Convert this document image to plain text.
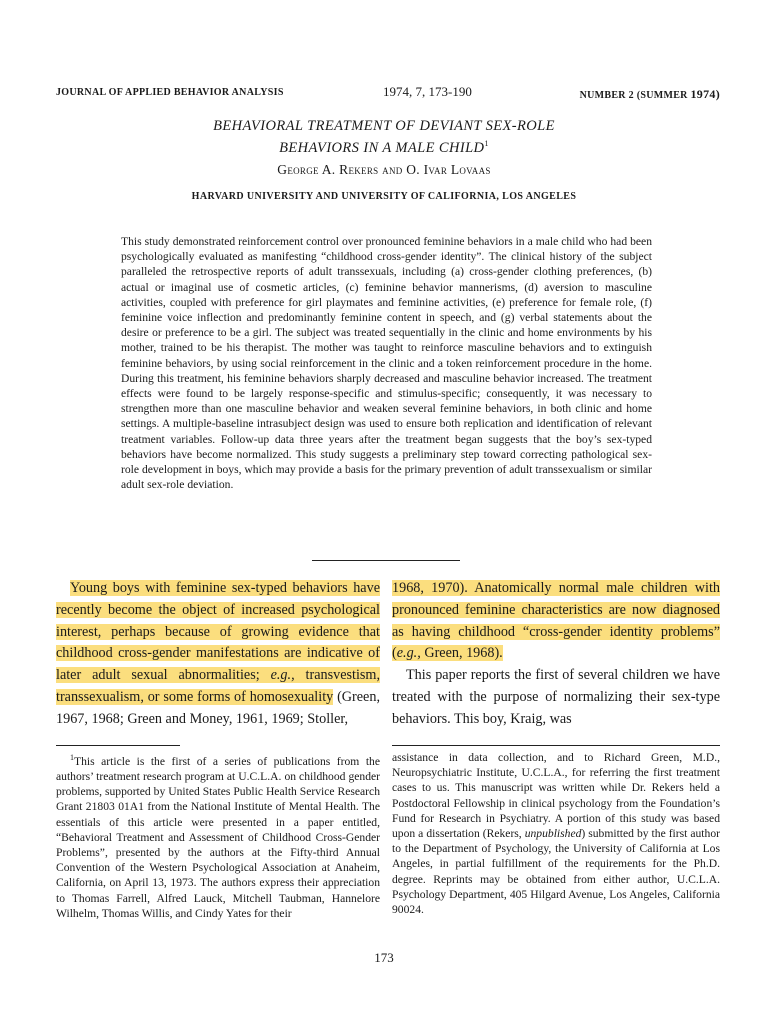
JOURNAL OF APPLIED BEHAVIOR ANALYSIS	1974, 7, 173-190	NUMBER 2 (SUMMER 1974)
BEHAVIORAL TREATMENT OF DEVIANT SEX-ROLE
BEHAVIORS IN A MALE CHILD$^1$
George A. Rekers and O. Ivar Lovaas
HARVARD UNIVERSITY AND UNIVERSITY OF CALIFORNIA, LOS ANGELES

This study demonstrated reinforcement control over pronounced feminine behaviors in a male child who had been psychologically evaluated as manifesting “childhood cross-gender identity”. The clinical history of the subject paralleled the retrospective reports of adult transsexuals, including (a) cross-gender clothing preferences, (b) actual or imaginal use of cosmetic articles, (c) feminine behavior mannerisms, (d) aversion to masculine activities, coupled with preference for girl playmates and feminine activities, (e) preference for female role, (f) feminine voice inflection and predominantly feminine content in speech, and (g) verbal statements about the desire or preference to be a girl. The subject was treated sequentially in the clinic and home environments by his mother, trained to be his therapist. The mother was taught to reinforce masculine behaviors and to extinguish feminine behaviors, by using social reinforcement in the clinic and a token reinforcement procedure in the home. During this treatment, his feminine behaviors sharply decreased and masculine behavior increased. The treatment effects were found to be largely response-specific and stimulus-specific; consequently, it was necessary to strengthen more than one masculine behavior and weaken several feminine behaviors, in both clinic and home settings. A multiple-baseline intrasubject design was used to ensure both replication and identification of relevant treatment variables. Follow-up data three years after the treatment began suggests that the boy’s sex-typed behaviors have become normalized. This study suggests a preliminary step toward correcting pathological sex-role development in boys, which may provide a basis for the primary prevention of adult transsexualism or similar adult sex-role deviation.

Young boys with feminine sex-typed behaviors have recently become the object of increased psychological interest, perhaps because of growing evidence that childhood cross-gender manifestations are indicative of later adult sexual abnormalities; e.g., transvestism, transsexualism, or some forms of homosexuality (Green, 1967, 1968; Green and Money, 1961, 1969; Stoller,

1968, 1970). Anatomically normal male children with pronounced feminine characteristics are now diagnosed as having childhood “cross-gender identity problems” (e.g., Green, 1968).

This paper reports the first of several children we have treated with the purpose of normalizing their sex-type behaviors. This boy, Kraig, was

$^1$This article is the first of a series of publications from the authors’ treatment research program at U.C.L.A. on childhood gender problems, supported by United States Public Health Service Research Grant 21803 01A1 from the National Institute of Mental Health. The essentials of this article were presented in a paper entitled, “Behavioral Treatment and Assessment of Childhood Cross-Gender Problems”, presented by the authors at the Fifty-third Annual Convention of the Western Psychological Association at Anaheim, California, on April 13, 1973. The authors express their appreciation to Thomas Farrell, Alfred Lauck, Mitchell Taubman, Hannelore Wilhelm, Thomas Willis, and Cindy Yates for their

assistance in data collection, and to Richard Green, M.D., Neuropsychiatric Institute, U.C.L.A., for referring the first treatment cases to us. This manuscript was written while Dr. Rekers held a Postdoctoral Fellowship in clinical psychology from the Foundation’s Fund for Research in Psychiatry. A portion of this study was based upon a dissertation (Rekers, unpublished) submitted by the first author to the Department of Psychology, the University of California at Los Angeles, in partial fulfillment of the requirements for the Ph.D. degree. Reprints may be obtained from either author, U.C.L.A. Psychology Department, 405 Hilgard Avenue, Los Angeles, California 90024.

173
